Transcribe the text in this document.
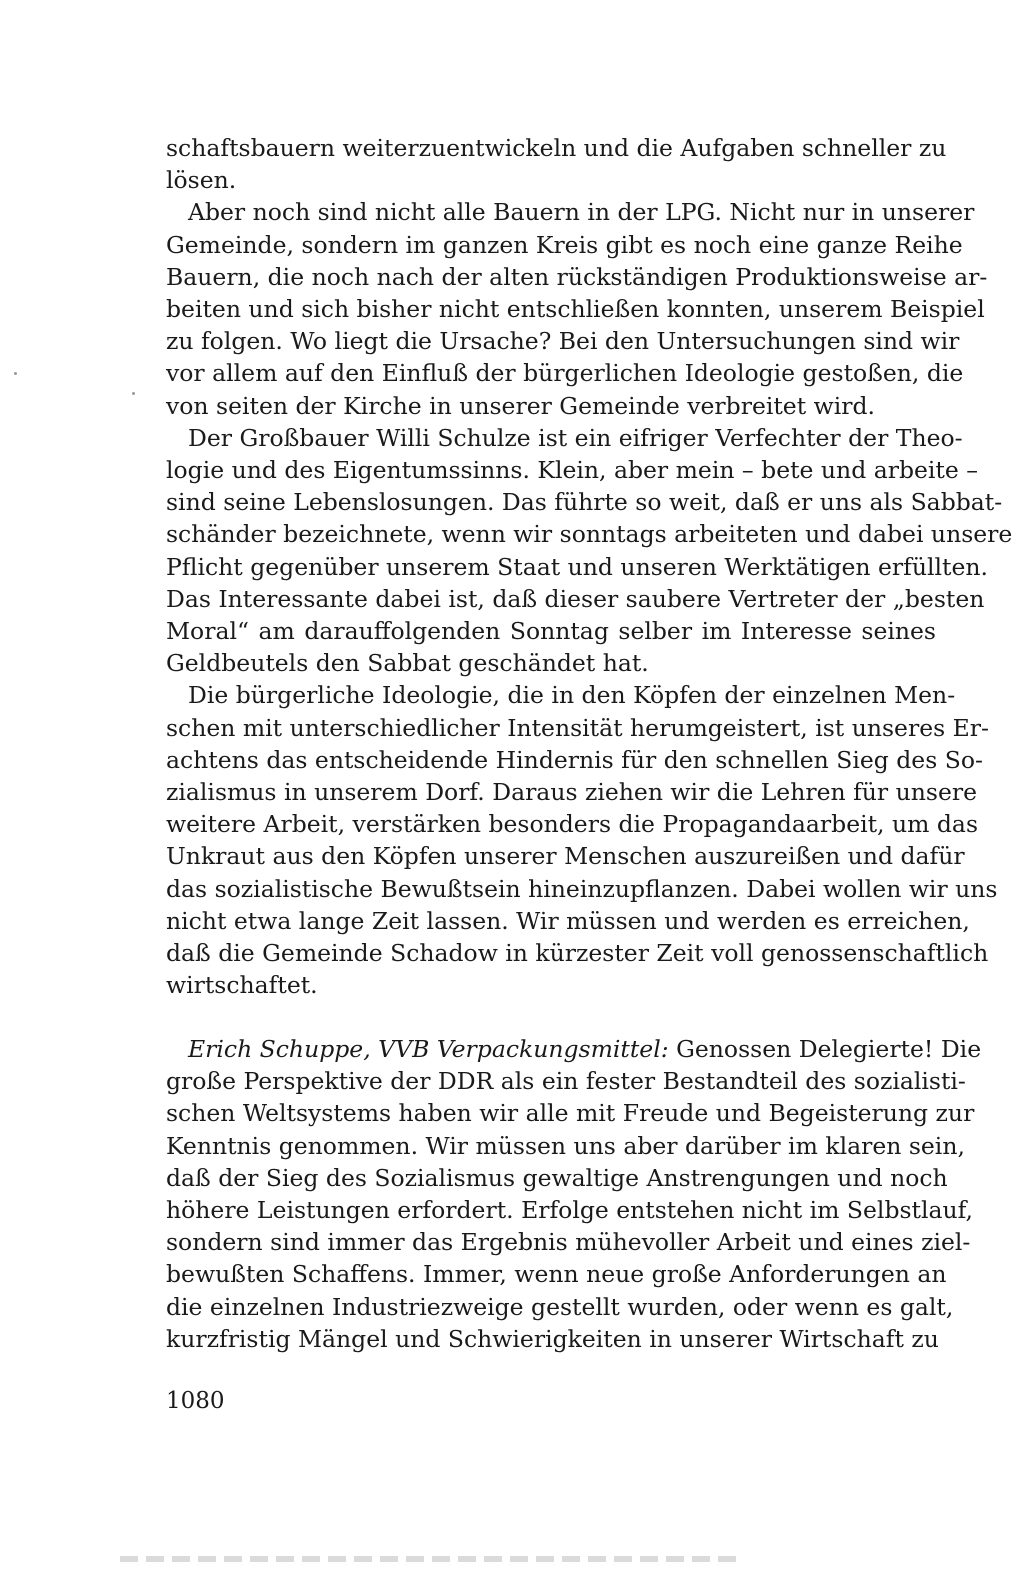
schaftsbauern weiterzuentwickeln und die Aufgaben schneller zu
lösen.
Aber noch sind nicht alle Bauern in der LPG. Nicht nur in unserer
Gemeinde, sondern im ganzen Kreis gibt es noch eine ganze Reihe
Bauern, die noch nach der alten rückständigen Produktionsweise ar-
beiten und sich bisher nicht entschließen konnten, unserem Beispiel
zu folgen. Wo liegt die Ursache? Bei den Untersuchungen sind wir
vor allem auf den Einfluß der bürgerlichen Ideologie gestoßen, die
von seiten der Kirche in unserer Gemeinde verbreitet wird.
Der Großbauer Willi Schulze ist ein eifriger Verfechter der Theo-
logie und des Eigentumssinns. Klein, aber mein – bete und arbeite –
sind seine Lebenslosungen. Das führte so weit, daß er uns als Sabbat-
schänder bezeichnete, wenn wir sonntags arbeiteten und dabei unsere
Pflicht gegenüber unserem Staat und unseren Werktätigen erfüllten.
Das Interessante dabei ist, daß dieser saubere Vertreter der „besten
Moral“ am darauffolgenden Sonntag selber im Interesse seines
Geldbeutels den Sabbat geschändet hat.
Die bürgerliche Ideologie, die in den Köpfen der einzelnen Men-
schen mit unterschiedlicher Intensität herumgeistert, ist unseres Er-
achtens das entscheidende Hindernis für den schnellen Sieg des So-
zialismus in unserem Dorf. Daraus ziehen wir die Lehren für unsere
weitere Arbeit, verstärken besonders die Propagandaarbeit, um das
Unkraut aus den Köpfen unserer Menschen auszureißen und dafür
das sozialistische Bewußtsein hineinzupflanzen. Dabei wollen wir uns
nicht etwa lange Zeit lassen. Wir müssen und werden es erreichen,
daß die Gemeinde Schadow in kürzester Zeit voll genossenschaftlich
wirtschaftet.
Erich Schuppe, VVB Verpackungsmittel: Genossen Delegierte! Die
große Perspektive der DDR als ein fester Bestandteil des sozialisti-
schen Weltsystems haben wir alle mit Freude und Begeisterung zur
Kenntnis genommen. Wir müssen uns aber darüber im klaren sein,
daß der Sieg des Sozialismus gewaltige Anstrengungen und noch
höhere Leistungen erfordert. Erfolge entstehen nicht im Selbstlauf,
sondern sind immer das Ergebnis mühevoller Arbeit und eines ziel-
bewußten Schaffens. Immer, wenn neue große Anforderungen an
die einzelnen Industriezweige gestellt wurden, oder wenn es galt,
kurzfristig Mängel und Schwierigkeiten in unserer Wirtschaft zu
1080
